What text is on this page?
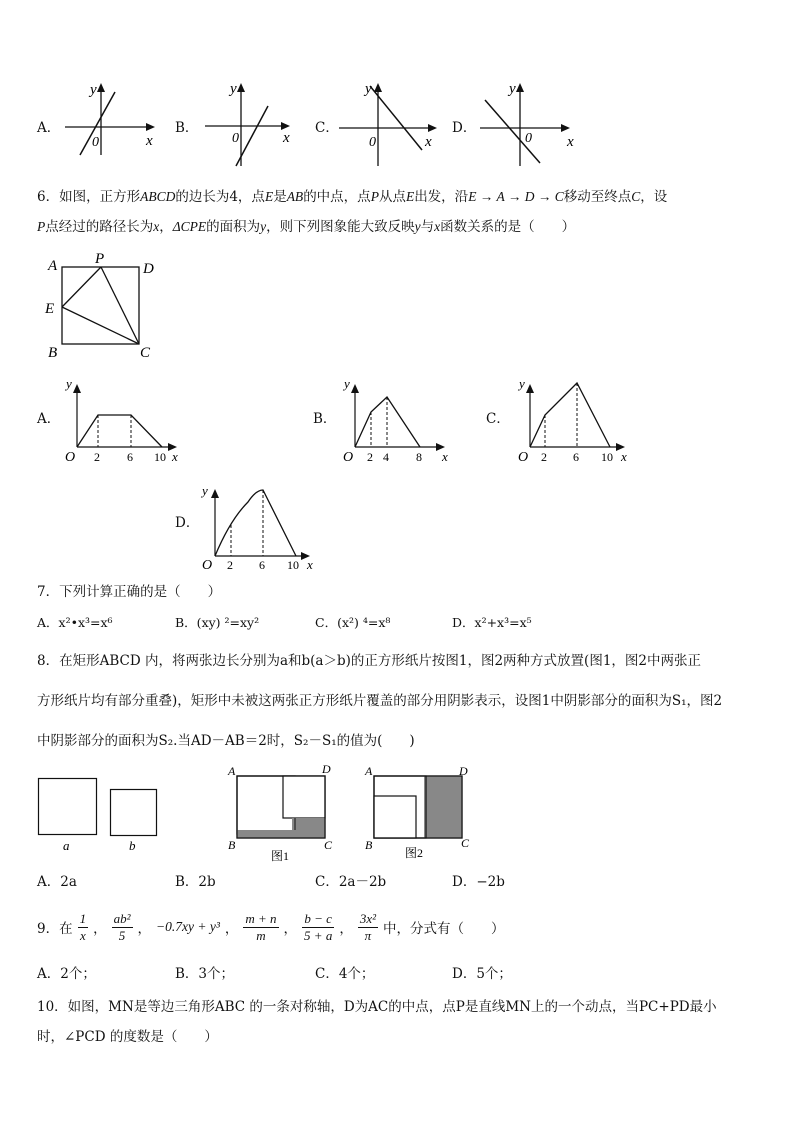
A．
y
0	x
B．
y
0	x
C．
y
0	x
D．
y
0 x
6．如图，正方形ABCD的边长为4，点E是AB的中点，点P从点E出发，沿E → A → D → C移动至终点C，设
P点经过的路径长为x，ΔCPE的面积为y，则下列图象能大致反映y与x函数关系的是（　　）
A	P
D
E
B	C
A．
y
O 2 6 10 x
B．
y
O 2 4 8 x
C．
y
O 2 6 10 x
D．
y
O 2 6 10 x
7．下列计算正确的是（　　）
A．x²•x³=x⁶	B．(xy) ²=xy²	C．(x²) ⁴=x⁸	D．x²+x³=x⁵
8．在矩形ABCD 内，将两张边长分别为a和b(a＞b)的正方形纸片按图1，图2两种方式放置(图1，图2中两张正
方形纸片均有部分重叠)，矩形中未被这两张正方形纸片覆盖的部分用阴影表示，设图1中阴影部分的面积为S₁，图2
中阴影部分的面积为S₂.当AD－AB＝2时，S₂－S₁的值为(　　)
a	b
A	D
B	C
图1
A	D
B	C
图2
A．2a	B．2b	C．2a－2b	D．−2b
9．在 $\frac{1}{x}$ ， $\frac{\text{ab²}}{5}$ ， −0.7xy + y³ ， $\frac{m + n}{m}$ ， $\frac{b - c}{5 + a}$ ， $\frac{\text{3x²}}{\pi}$ 中，分式有（　　）
A．2个；	B．3个；	C．4个；	D．5个；
10．如图，MN是等边三角形ABC 的一条对称轴，D为AC的中点，点P是直线MN上的一个动点，当PC+PD最小
时，∠PCD 的度数是（　　）
